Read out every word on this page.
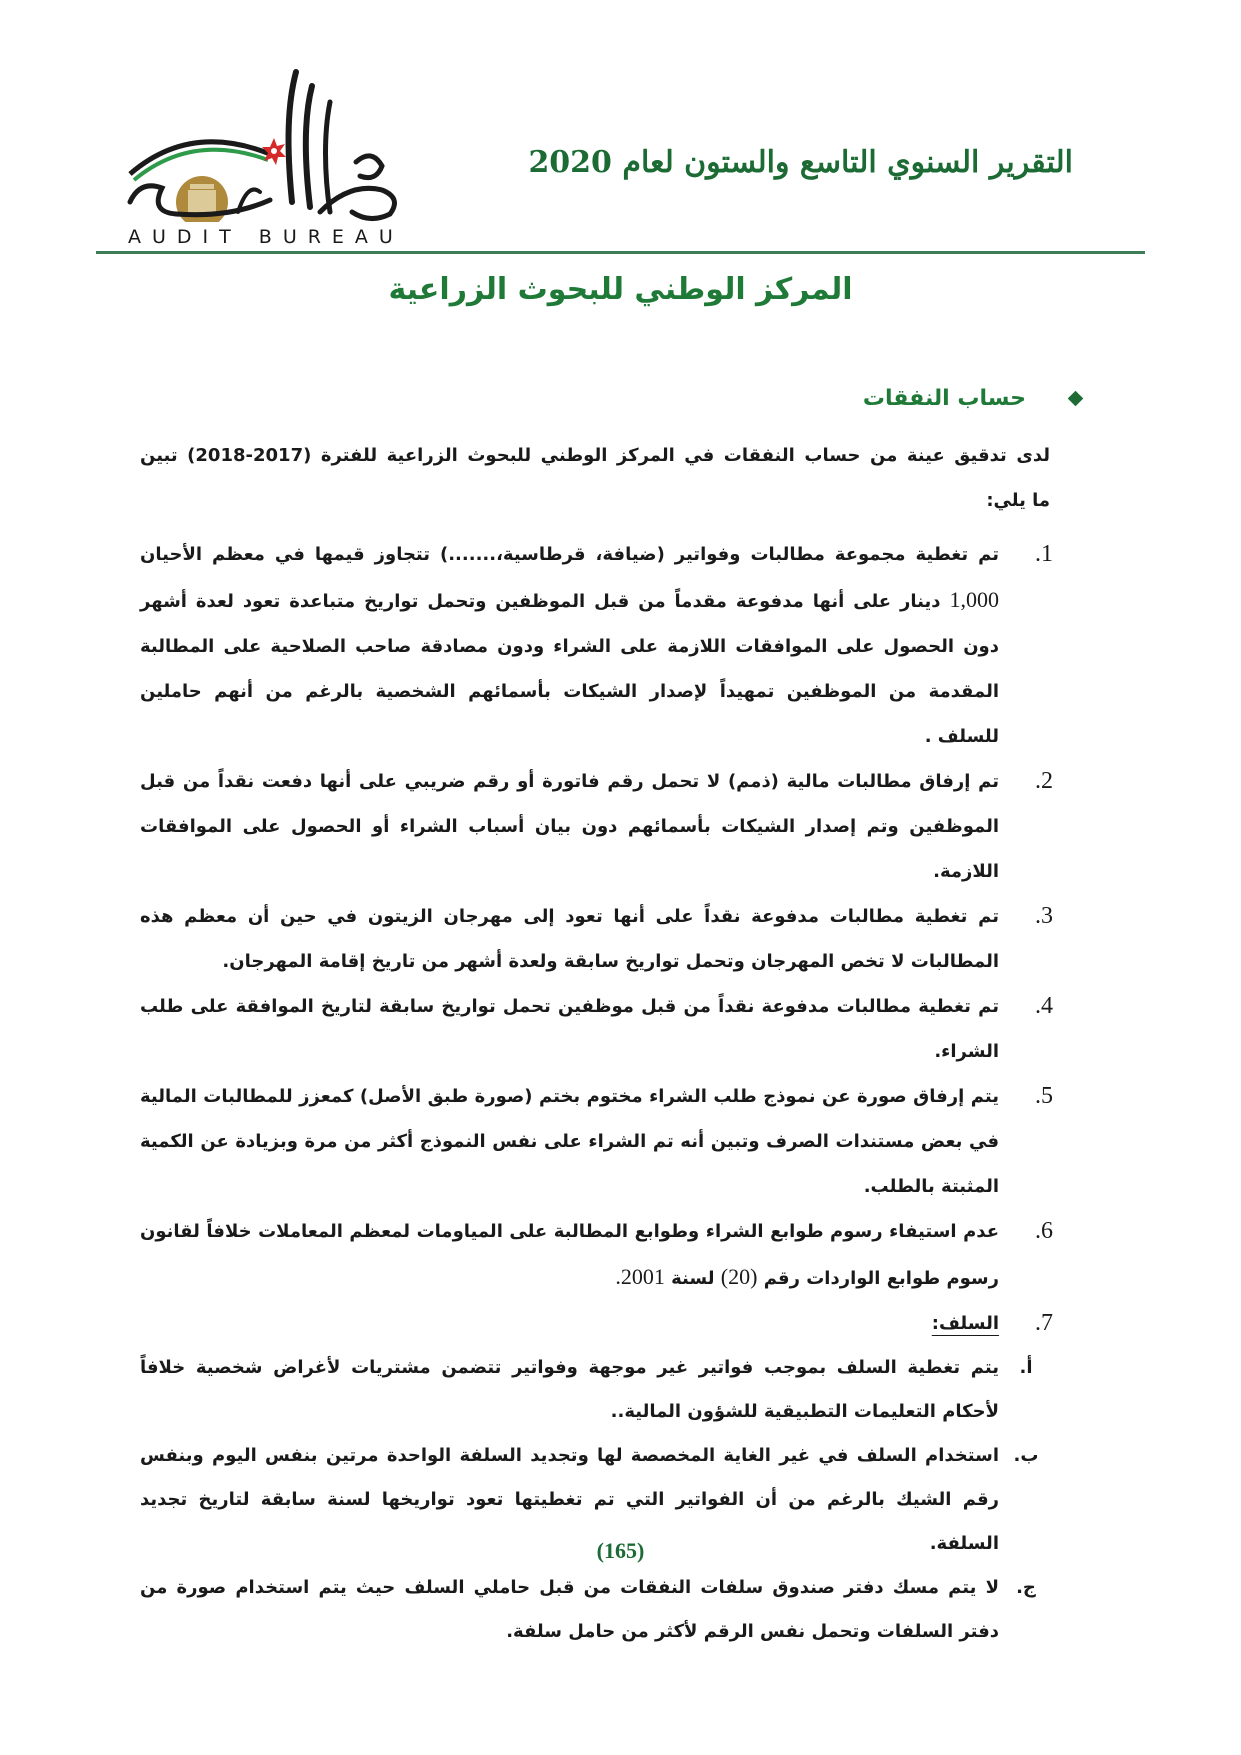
AUDIT BUREAU
التقرير السنوي التاسع والستون لعام 2020
المركز الوطني للبحوث الزراعية
حساب النفقات
لدى تدقيق عينة من حساب النفقات في المركز الوطني للبحوث الزراعية للفترة (2017-2018) تبين
ما يلي:
.1
تم تغطية مجموعة مطالبات وفواتير (ضيافة، قرطاسية،.......) تتجاوز قيمها في معظم الأحيان 1,000 دينار على أنها مدفوعة مقدماً من قبل الموظفين وتحمل تواريخ متباعدة تعود لعدة أشهر دون الحصول على الموافقات اللازمة على الشراء ودون مصادقة صاحب الصلاحية على المطالبة المقدمة من الموظفين تمهيداً لإصدار الشيكات بأسمائهم الشخصية بالرغم من أنهم حاملين للسلف .
.2
تم إرفاق مطالبات مالية (ذمم) لا تحمل رقم فاتورة أو رقم ضريبي على أنها دفعت نقداً من قبل الموظفين وتم إصدار الشيكات بأسمائهم دون بيان أسباب الشراء أو الحصول على الموافقات اللازمة.
.3
تم تغطية مطالبات مدفوعة نقداً على أنها تعود إلى مهرجان الزيتون في حين أن معظم هذه المطالبات لا تخص المهرجان وتحمل تواريخ سابقة ولعدة أشهر من تاريخ إقامة المهرجان.
.4
تم تغطية مطالبات مدفوعة نقداً من قبل موظفين تحمل تواريخ سابقة لتاريخ الموافقة على طلب الشراء.
.5
يتم إرفاق صورة عن نموذج طلب الشراء مختوم بختم (صورة طبق الأصل) كمعزز للمطالبات المالية في بعض مستندات الصرف وتبين أنه تم الشراء على نفس النموذج أكثر من مرة وبزيادة عن الكمية المثبتة بالطلب.
.6
عدم استيفاء رسوم طوابع الشراء وطوابع المطالبة على المياومات لمعظم المعاملات خلافاً لقانون رسوم طوابع الواردات رقم (20) لسنة 2001.
.7
السلف:
أ.
يتم تغطية السلف بموجب فواتير غير موجهة وفواتير تتضمن مشتريات لأغراض شخصية خلافاً لأحكام التعليمات التطبيقية للشؤون المالية..
ب.
استخدام السلف في غير الغاية المخصصة لها وتجديد السلفة الواحدة مرتين بنفس اليوم وبنفس رقم الشيك بالرغم من أن الفواتير التي تم تغطيتها تعود تواريخها لسنة سابقة لتاريخ تجديد السلفة.
ج.
لا يتم مسك دفتر صندوق سلفات النفقات من قبل حاملي السلف حيث يتم استخدام صورة من دفتر السلفات وتحمل نفس الرقم لأكثر من حامل سلفة.
(165)
